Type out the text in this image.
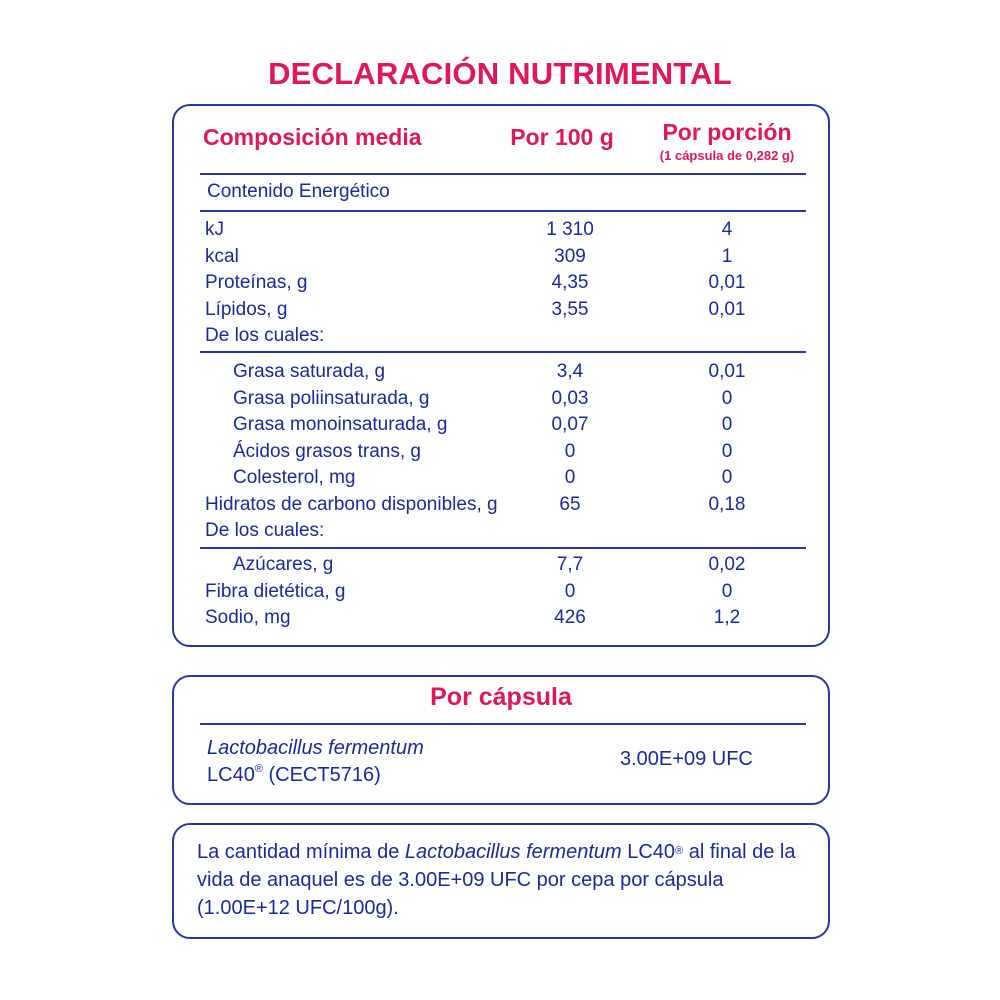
DECLARACIÓN NUTRIMENTAL
Composición media	Por 100 g	Por porción
(1 cápsula de 0,282 g)
Contenido Energético
kJ	1 310	4
kcal	309	1
Proteínas, g	4,35	0,01
Lípidos, g	3,55	0,01
De los cuales:
Grasa saturada, g	3,4	0,01
Grasa poliinsaturada, g	0,03	0
Grasa monoinsaturada, g	0,07	0
Ácidos grasos trans, g	0	0
Colesterol, mg	0	0
Hidratos de carbono disponibles, g	65	0,18
De los cuales:
Azúcares, g	7,7	0,02
Fibra dietética, g	0	0
Sodio, mg	426	1,2
Por cápsula
Lactobacillus fermentum
LC40® (CECT5716)
3.00E+09 UFC
La cantidad mínima de Lactobacillus fermentum LC40® al final de la vida de anaquel es de 3.00E+09 UFC por cepa por cápsula (1.00E+12 UFC/100g).
